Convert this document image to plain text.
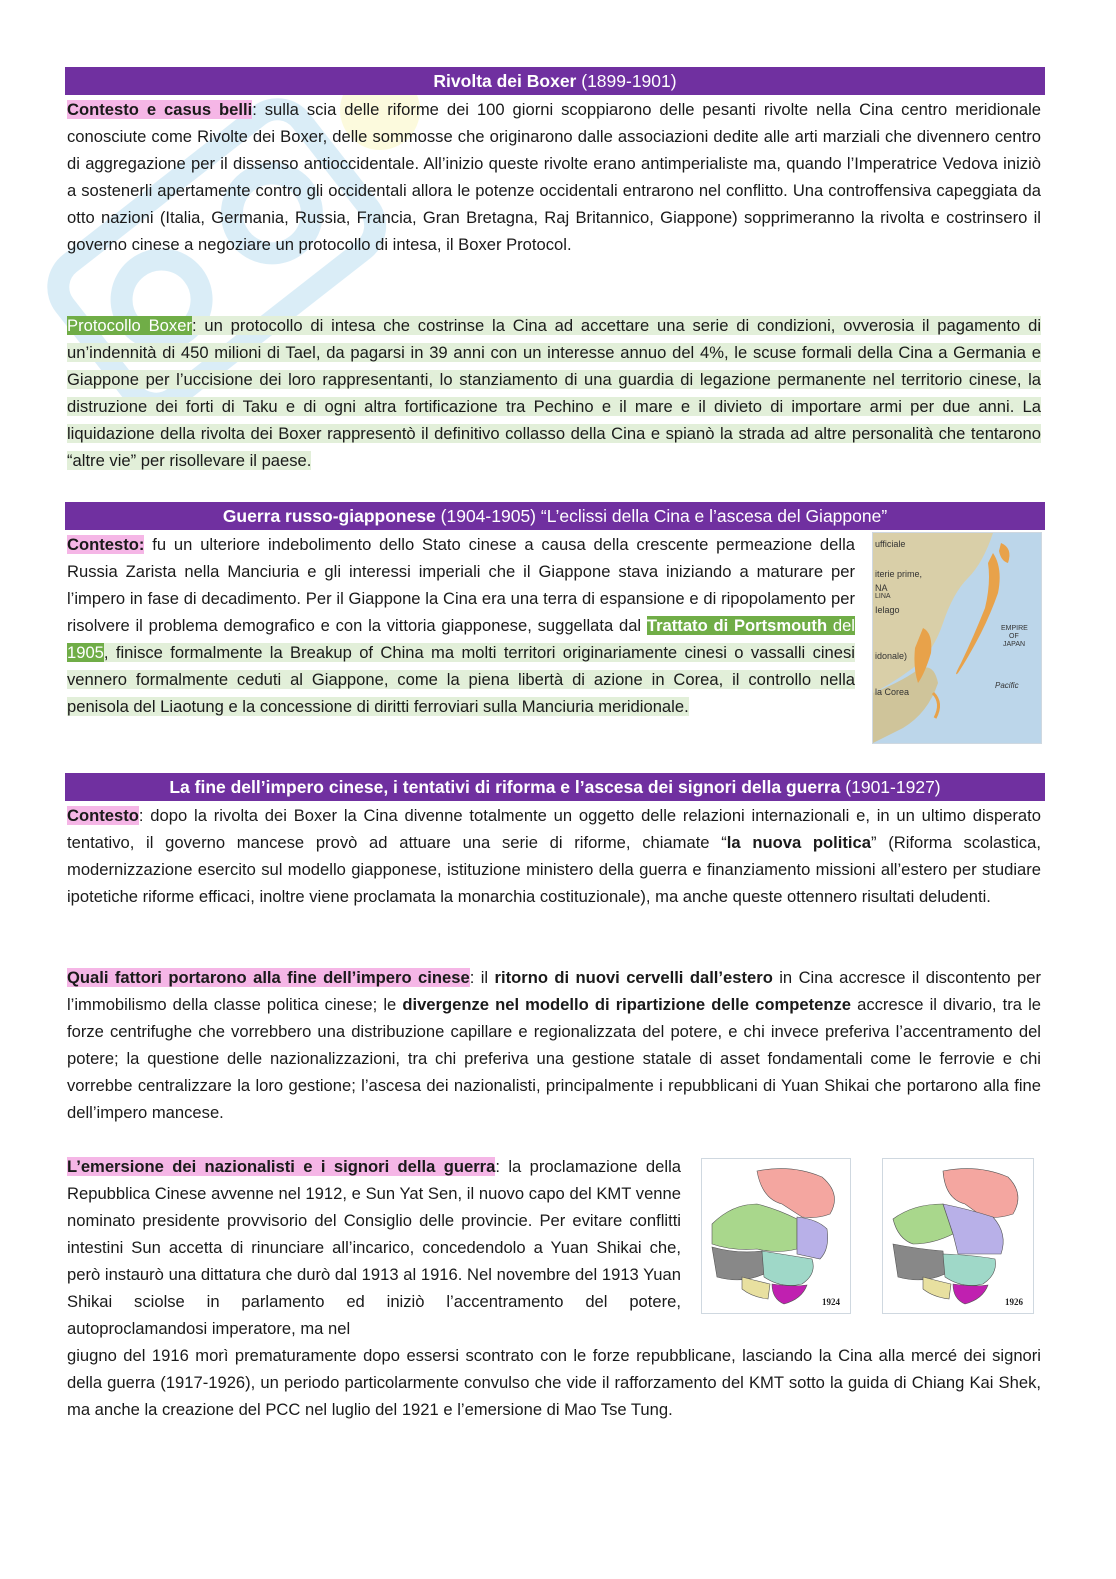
Rivolta dei Boxer (1899-1901)

Contesto e casus belli: sulla scia delle riforme dei 100 giorni scoppiarono delle pesanti rivolte nella Cina centro meridionale conosciute come Rivolte dei Boxer, delle sommosse che originarono dalle associazioni dedite alle arti marziali che divennero centro di aggregazione per il dissenso antioccidentale. All’inizio queste rivolte erano antimperialiste ma, quando l’Imperatrice Vedova iniziò a sostenerli apertamente contro gli occidentali allora le potenze occidentali entrarono nel conflitto. Una controffensiva capeggiata da otto nazioni (Italia, Germania, Russia, Francia, Gran Bretagna, Raj Britannico, Giappone) sopprimeranno la rivolta e costrinsero il governo cinese a negoziare un protocollo di intesa, il Boxer Protocol.

Protocollo Boxer: un protocollo di intesa che costrinse la Cina ad accettare una serie di condizioni, ovverosia il pagamento di un’indennità di 450 milioni di Tael, da pagarsi in 39 anni con un interesse annuo del 4%, le scuse formali della Cina a Germania e Giappone per l’uccisione dei loro rappresentanti, lo stanziamento di una guardia di legazione permanente nel territorio cinese, la distruzione dei forti di Taku e di ogni altra fortificazione tra Pechino e il mare e il divieto di importare armi per due anni. La liquidazione della rivolta dei Boxer rappresentò il definitivo collasso della Cina e spianò la strada ad altre personalità che tentarono “altre vie” per risollevare il paese.

Guerra russo-giapponese (1904-1905) “L’eclissi della Cina e l’ascesa del Giappone”

Contesto: fu un ulteriore indebolimento dello Stato cinese a causa della crescente permeazione della Russia Zarista nella Manciuria e gli interessi imperiali che il Giappone stava iniziando a maturare per l’impero in fase di decadimento. Per il Giappone la Cina era una terra di espansione e di ripopolamento per risolvere il problema demografico e con la vittoria giapponese, suggellata dal Trattato di Portsmouth del 1905, finisce formalmente la Breakup of China ma molti territori originariamente cinesi o vassalli cinesi vennero formalmente ceduti al Giappone, come la piena libertà di azione in Corea, il controllo nella penisola del Liaotung e la concessione di diritti ferroviari sulla Manciuria meridionale.

ufficiale
iterie prime,
NA
LINA
Ielago
EMPIRE
OF
JAPAN
idonale)
la Corea
Pacific
La fine dell’impero cinese, i tentativi di riforma e l’ascesa dei signori della guerra (1901-1927)

Contesto: dopo la rivolta dei Boxer la Cina divenne totalmente un oggetto delle relazioni internazionali e, in un ultimo disperato tentativo, il governo mancese provò ad attuare una serie di riforme, chiamate “la nuova politica” (Riforma scolastica, modernizzazione esercito sul modello giapponese, istituzione ministero della guerra e finanziamento missioni all’estero per studiare ipotetiche riforme efficaci, inoltre viene proclamata la monarchia costituzionale), ma anche queste ottennero risultati deludenti.

Quali fattori portarono alla fine dell’impero cinese: il ritorno di nuovi cervelli dall’estero in Cina accresce il discontento per l’immobilismo della classe politica cinese; le divergenze nel modello di ripartizione delle competenze accresce il divario, tra le forze centrifughe che vorrebbero una distribuzione capillare e regionalizzata del potere, e chi invece preferiva l’accentramento del potere; la questione delle nazionalizzazioni, tra chi preferiva una gestione statale di asset fondamentali come le ferrovie e chi vorrebbe centralizzare la loro gestione; l’ascesa dei nazionalisti, principalmente i repubblicani di Yuan Shikai che portarono alla fine dell’impero mancese.

L’emersione dei nazionalisti e i signori della guerra: la proclamazione della Repubblica Cinese avvenne nel 1912, e Sun Yat Sen, il nuovo capo del KMT venne nominato presidente provvisorio del Consiglio delle provincie. Per evitare conflitti intestini Sun accetta di rinunciare all’incarico, concedendolo a Yuan Shikai che, però instaurò una dittatura che durò dal 1913 al 1916. Nel novembre del 1913 Yuan Shikai sciolse in parlamento ed iniziò l’accentramento del potere, autoproclamandosi imperatore, ma nel

giugno del 1916 morì prematuramente dopo essersi scontrato con le forze repubblicane, lasciando la Cina alla mercé dei signori della guerra (1917-1926), un periodo particolarmente convulso che vide il rafforzamento del KMT sotto la guida di Chiang Kai Shek, ma anche la creazione del PCC nel luglio del 1921 e l’emersione di Mao Tse Tung.

1924	1926
